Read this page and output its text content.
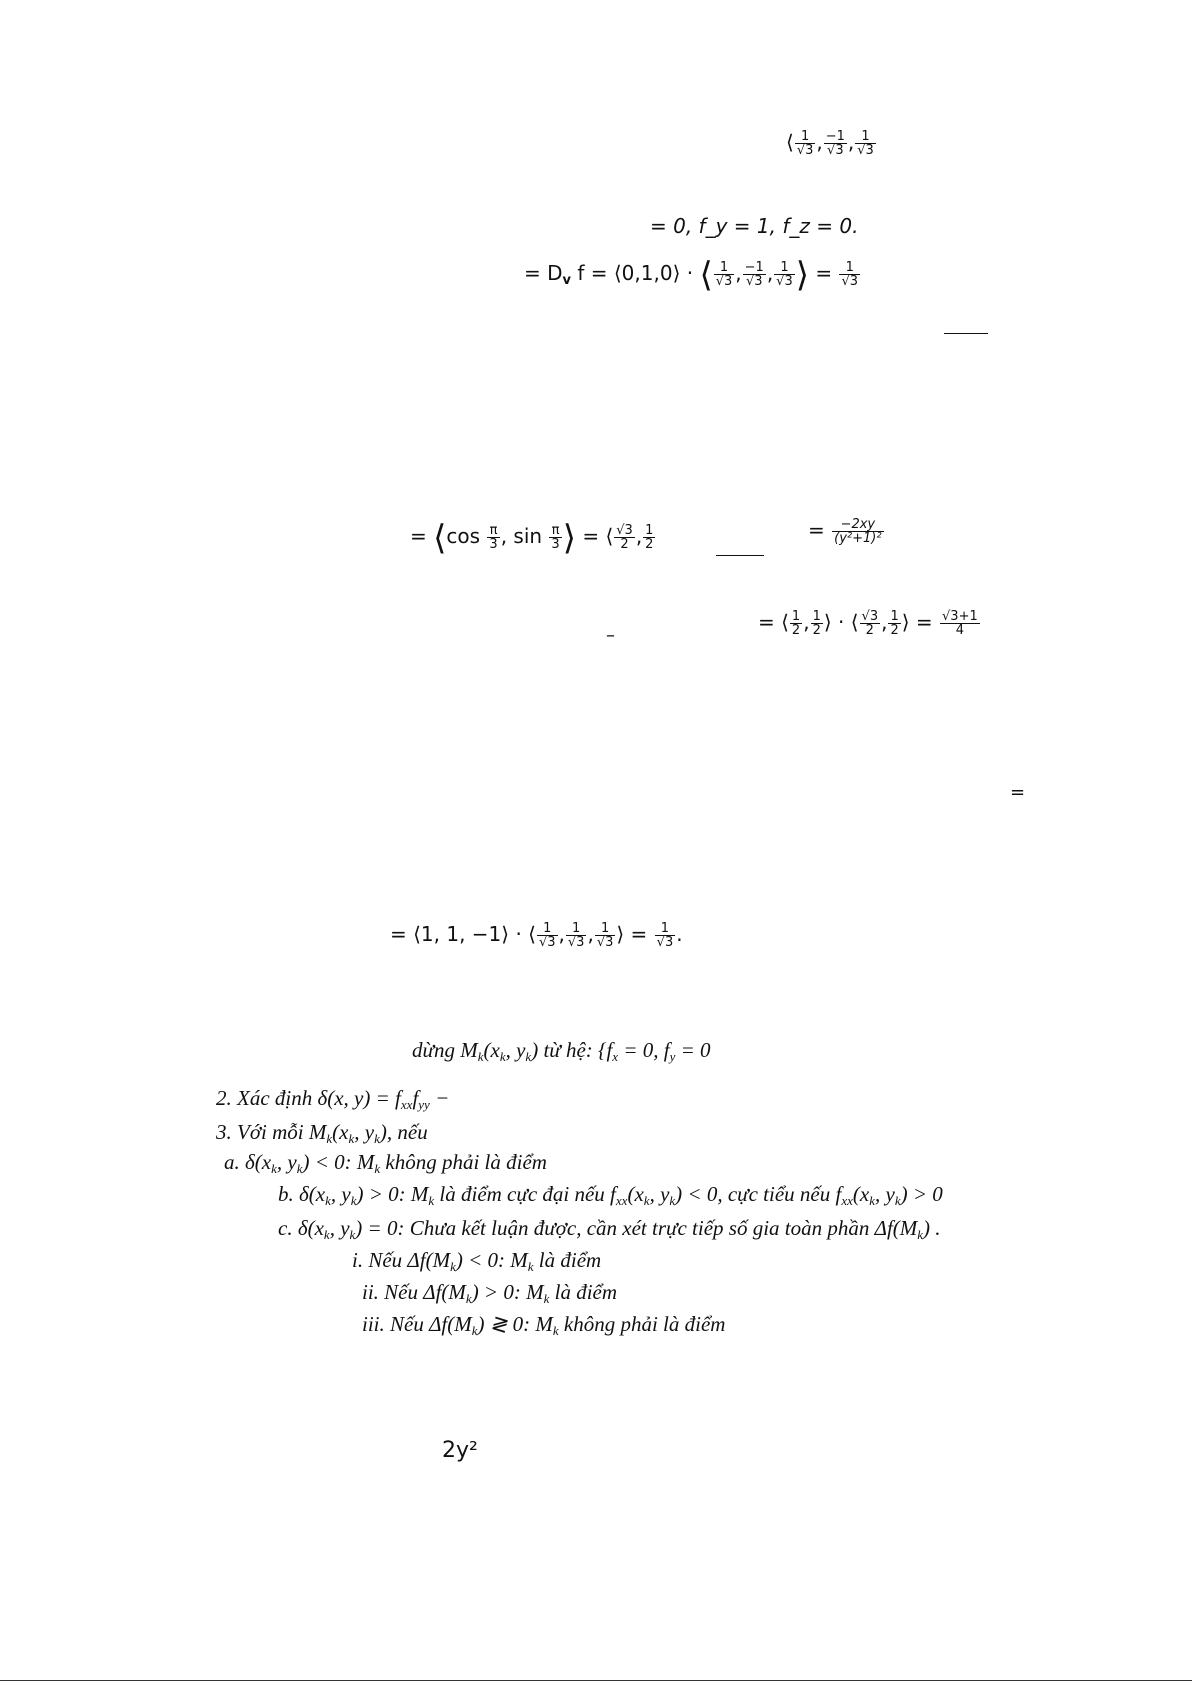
⟨ $\frac{1}{√3}$ , $\frac{-1}{√3}$ , $\frac{1}{√3}$
= 0, f_y = 1, f_z = 0.
= $D_v$ f = ⟨0,1,0⟩ · ⟨ $\frac{1}{√3}$ , $\frac{-1}{√3}$ , $\frac{1}{√3}$ ⟩ = $\frac{1}{√3}$
= ⟨cos $\frac{\pi}{3}$ , $\sin \frac{\pi}{3}$ ⟩ = ⟨ $\frac{√3}{2}$ , $\frac{1}{2}$	= $\frac{-2xy}{\text{(y²+1)²}}$
–
= ⟨ $\frac{1}{2}$ , $\frac{1}{2}$ ⟩ · ⟨ $\frac{√3}{2}$ , $\frac{1}{2}$ ⟩ = $\frac{√3+1}{4}$
=
= ⟨1, 1, −1⟩ · ⟨ $\frac{1}{√3}$ , $\frac{1}{√3}$ , $\frac{1}{√3}$ ⟩ = $\frac{1}{√3}$ .
dừng $M_k(x_k$, $y_k$) từ hệ: {$f_x = 0$, $f_y = 0$
2. Xác định δ(x, $y) = f_{xx}f_{yy}$ −
3. Với mỗi $M_k(x_k$, $y_k$), nếu
a. $\delta(x_k$, $y_k) < 0$: $M_k$ không phải là điểm
b. $\delta(x_k$, $y_k) > 0$: $M_k$ là điểm cực đại nếu $f_{xx}(x_k$, $y_k) < 0$, cực tiểu nếu $f_{xx}(x_k$, $y_k) > 0$
c. $\delta(x_k$, $y_k) = 0$: Chưa kết luận được, cần xét trực tiếp số gia toàn phần $\Delta f(M_k)$ .
i. Nếu $\Delta f(M_k) < 0$: $M_k$ là điểm
ii. Nếu $\Delta f(M_k) > 0$: $M_k$ là điểm
iii. Nếu $\Delta f(M_k)$ ≷ 0: $M_k$ không phải là điểm
2y²
